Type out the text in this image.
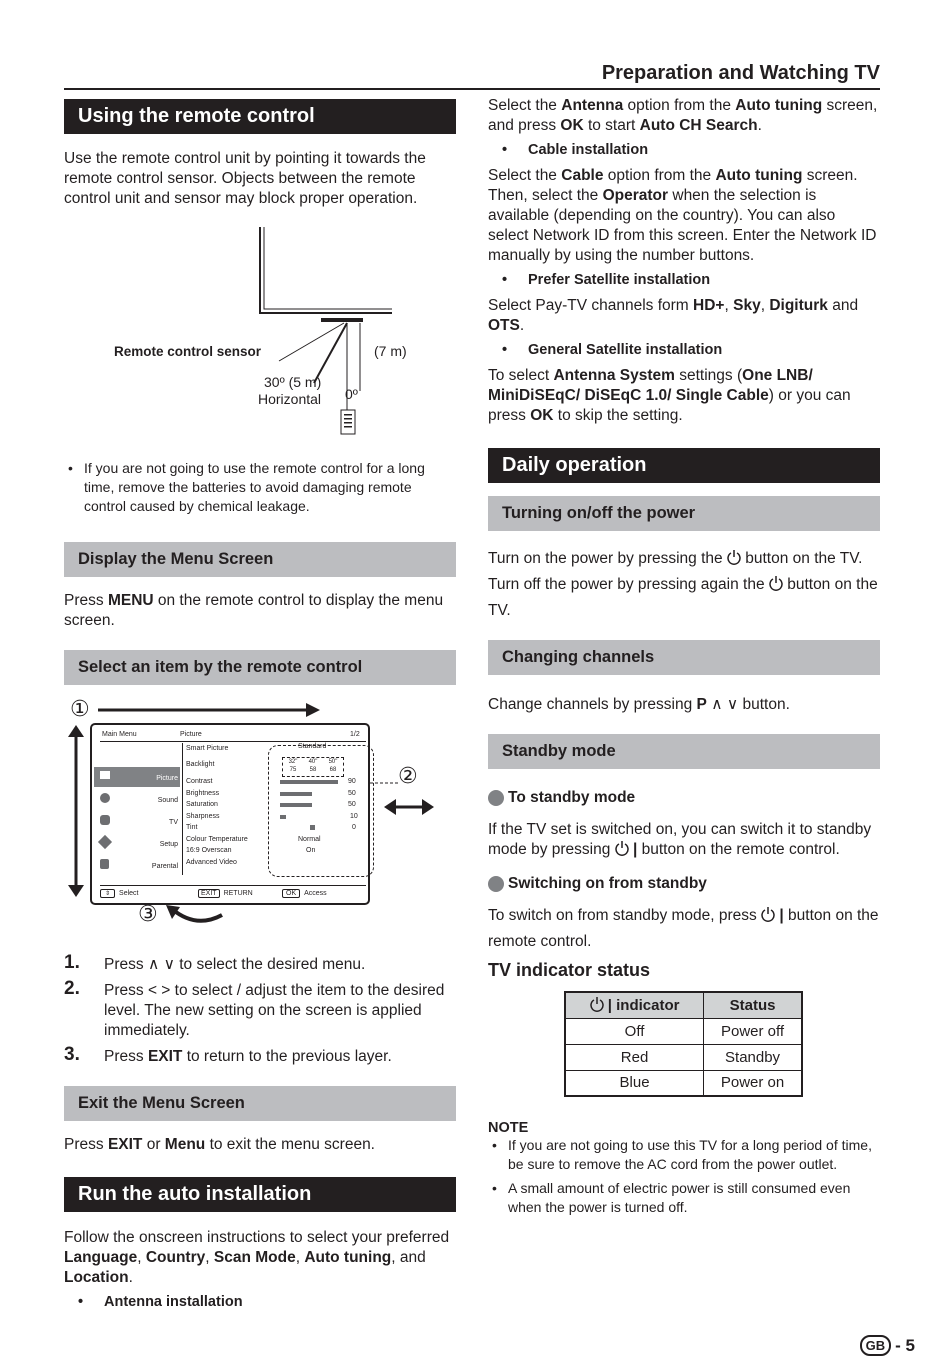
Preparation and Watching TV
Using the remote control

Use the remote control unit by pointing it towards the remote control sensor. Objects between the remote control unit and sensor may block proper operation.

Remote control sensor	(7 m)
30º (5 m)
Horizontal 0º
• If you are not going to use the remote control for a long time, remove the batteries to avoid damaging remote control caused by chemical leakage.
Display the Menu Screen

Press MENU on the remote control to display the menu screen.

Select an item by the remote control
①
Main Menu	Picture	1/2
Picture
Sound
TV
Setup
Parental
Smart Picture	Standard
Backlight	32" 40" 50"
75 58 68
Contrast	90
Brightness	50
Saturation	50
Sharpness	10
Tint	0
Colour Temperature	Normal
16:9 Overscan	On
Advanced Video
⇕	Select	EXIT	RETURN	OK	Access
②
③
1. Press ∧ ∨ to select the desired menu.
2. Press < > to select / adjust the item to the desired level. The new setting on the screen is applied immediately.
3. Press EXIT to return to the previous layer.
Exit the Menu Screen

Press EXIT or Menu to exit the menu screen.

Run the auto installation

Follow the onscreen instructions to select your preferred Language, Country, Scan Mode, Auto tuning, and Location.

• Antenna installation

Select the Antenna option from the Auto tuning screen, and press OK to start Auto CH Search.

• Cable installation

Select the Cable option from the Auto tuning screen. Then, select the Operator when the selection is available (depending on the country). You can also select Network ID from this screen. Enter the Network ID manually by using the number buttons.

• Prefer Satellite installation

Select Pay-TV channels form HD+, Sky, Digiturk and OTS.

• General Satellite installation

To select Antenna System settings (One LNB/ MiniDiSEqC/ DiSEqC 1.0/ Single Cable) or you can press OK to skip the setting.

Daily operation
Turning on/off the power

Turn on the power by pressing the  button on the TV.
Turn off the power by pressing again the  button on the TV.

Changing channels

Change channels by pressing P ∧ ∨ button.

Standby mode
To standby mode

If the TV set is switched on, you can switch it to standby mode by pressing  | button on the remote control.

Switching on from standby

To switch on from standby mode, press  | button on the remote control.

TV indicator status
| indicator	Status
Off	Power off
Red	Standby
Blue	Power on
NOTE
• If you are not going to use this TV for a long period of time, be sure to remove the AC cord from the power outlet.
• A small amount of electric power is still consumed even when the power is turned off.
GB - 5
